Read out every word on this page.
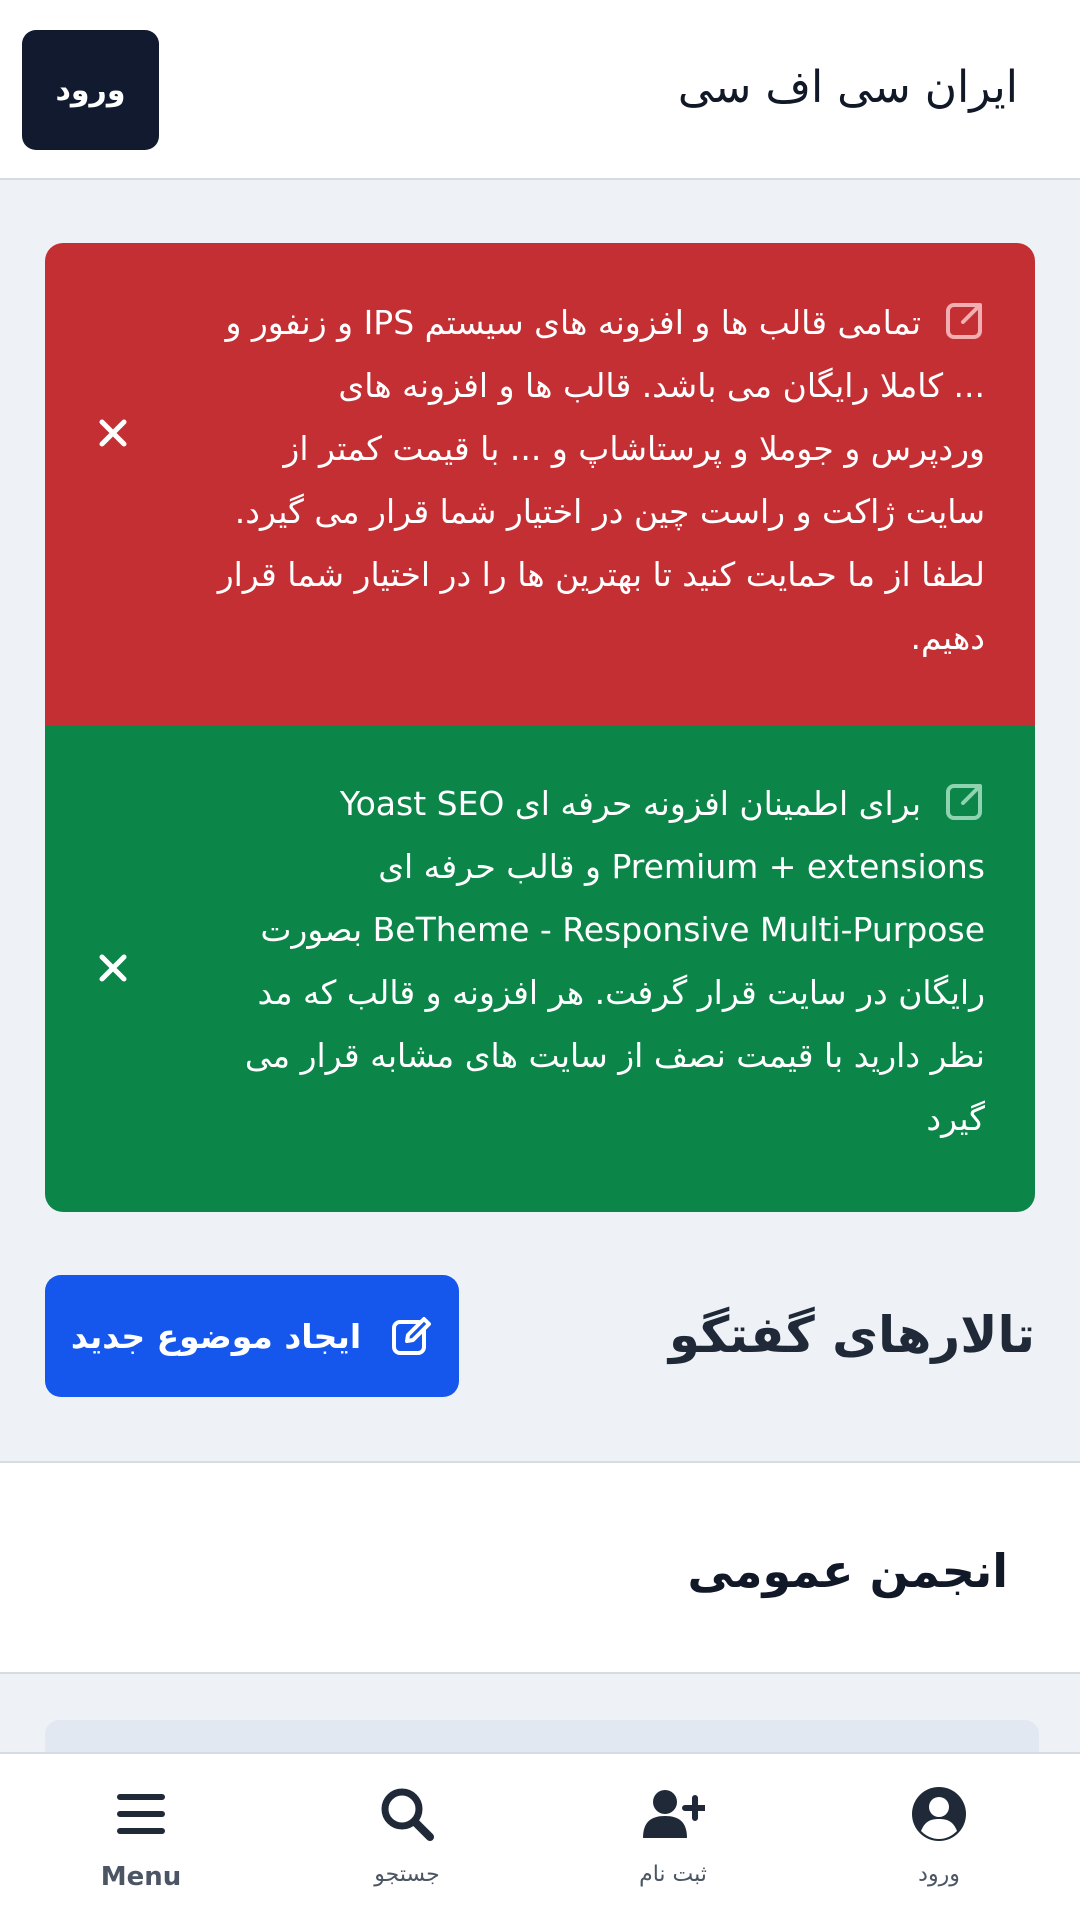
ورود	ایران سی اف سی
تمامی قالب ها و افزونه های سیستم IPS و زنفور و ... کاملا رایگان می باشد. قالب ها و افزونه های وردپرس و جوملا و پرستاشاپ و ... با قیمت کمتر از سایت ژاکت و راست چین در اختیار شما قرار می گیرد. لطفا از ما حمایت کنید تا بهترین ها را در اختیار شما قرار دهیم.
برای اطمینان افزونه حرفه ای Yoast SEO Premium + extensions و قالب حرفه ای BeTheme - Responsive Multi-Purpose بصورت رایگان در سایت قرار گرفت. هر افزونه و قالب که مد نظر دارید با قیمت نصف از سایت های مشابه قرار می گیرد
تالارهای گفتگو
ایجاد موضوع جدید
انجمن عمومی
Menu	جستجو	ثبت نام	ورود
